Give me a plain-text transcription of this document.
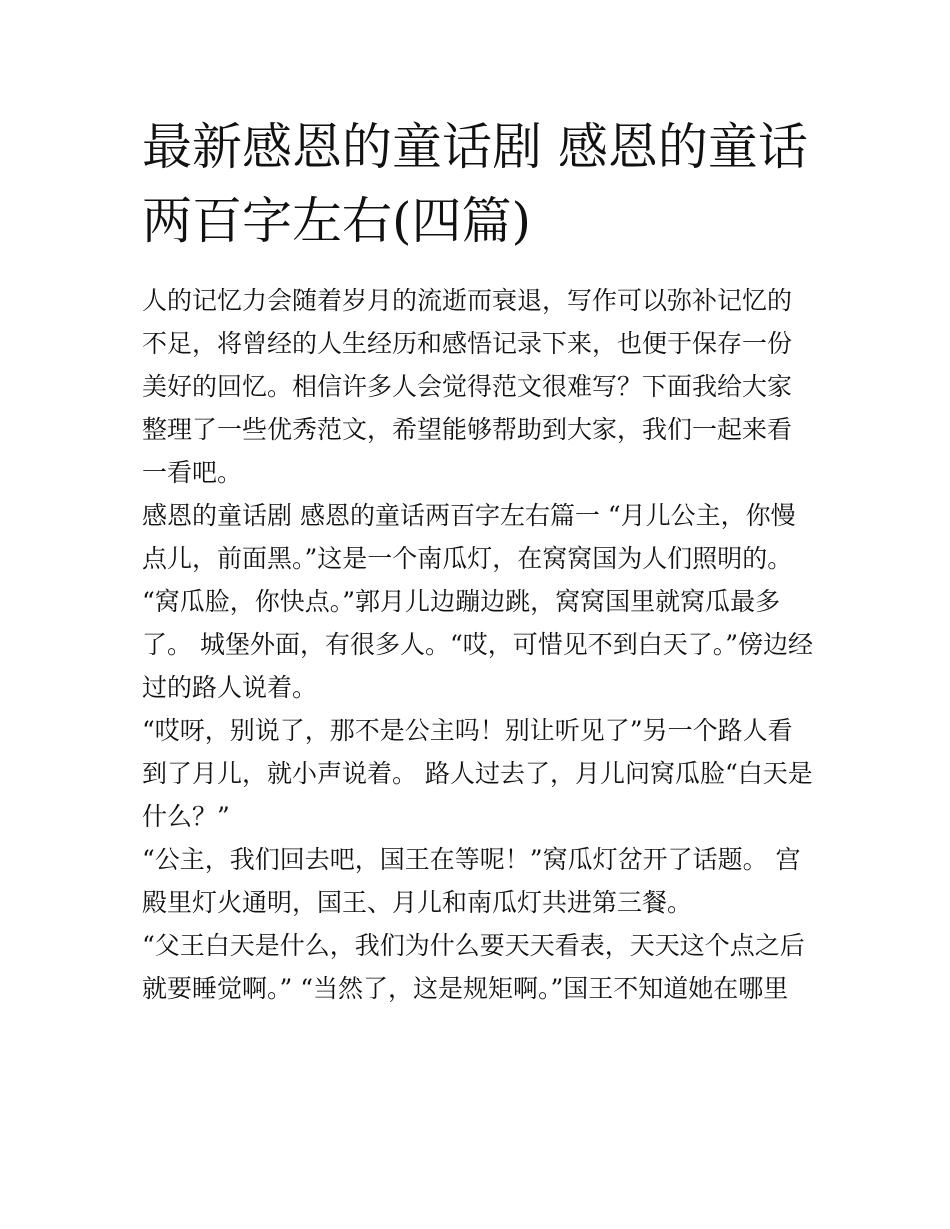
最新感恩的童话剧 感恩的童话两百字左右(四篇)

人的记忆力会随着岁月的流逝而衰退，写作可以弥补记忆的不足，将曾经的人生经历和感悟记录下来，也便于保存一份美好的回忆。相信许多人会觉得范文很难写？下面我给大家整理了一些优秀范文，希望能够帮助到大家，我们一起来看一看吧。

感恩的童话剧 感恩的童话两百字左右篇一 “月儿公主，你慢点儿，前面黑。”这是一个南瓜灯，在窝窝国为人们照明的。

“窝瓜脸，你快点。”郭月儿边蹦边跳，窝窝国里就窝瓜最多了。 城堡外面，有很多人。“哎，可惜见不到白天了。”傍边经过的路人说着。

“哎呀，别说了，那不是公主吗！别让听见了”另一个路人看到了月儿，就小声说着。 路人过去了，月儿问窝瓜脸“白天是什么？”

“公主，我们回去吧，国王在等呢！”窝瓜灯岔开了话题。 宫殿里灯火通明，国王、月儿和南瓜灯共进第三餐。

“父王白天是什么，我们为什么要天天看表，天天这个点之后就要睡觉啊。” “当然了，这是规矩啊。”国王不知道她在哪里
